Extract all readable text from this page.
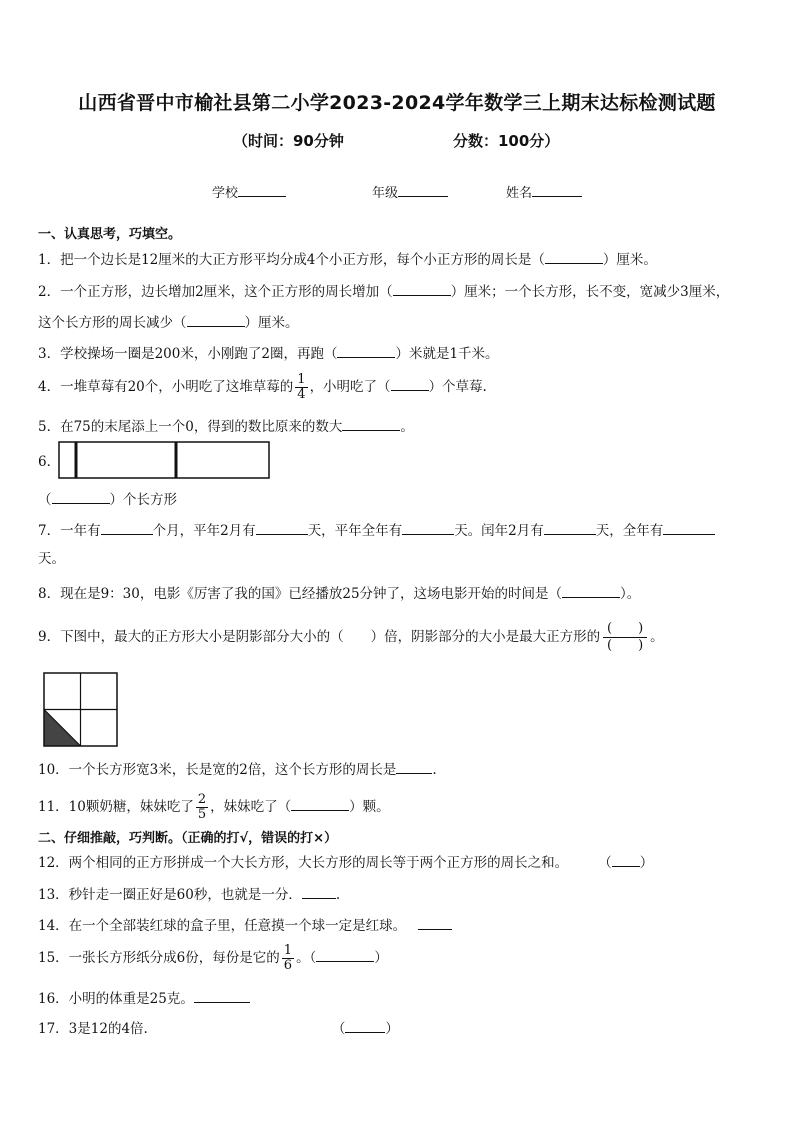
山西省晋中市榆社县第二小学2023-2024学年数学三上期末达标检测试题
（时间：90分钟	分数：100分）
学校	年级	姓名
一、认真思考，巧填空。
1．把一个边长是12厘米的大正方形平均分成4个小正方形，每个小正方形的周长是（	）厘米。
2．一个正方形，边长增加2厘米，这个正方形的周长增加（	）厘米；一个长方形，长不变，宽减少3厘米，
这个长方形的周长减少（	）厘米。
3．学校操场一圈是200米，小刚跑了2圈，再跑（	）米就是1千米。
4．一堆草莓有20个，小明吃了这堆草莓的 $\frac{1}{4}$ ，小明吃了（	）个草莓.
5．在75的末尾添上一个0，得到的数比原来的数大	。
6．
（	）个长方形
7．一年有	个月，平年2月有	天，平年全年有	天。闰年2月有	天，全年有
天。
8．现在是9：30，电影《厉害了我的国》已经播放25分钟了，这场电影开始的时间是（	）。
9．下图中，最大的正方形大小是阴影部分大小的（　　）倍，阴影部分的大小是最大正方形的
(　　)
(　　)
。
10．一个长方形宽3米，长是宽的2倍，这个长方形的周长是	.
11．10颗奶糖，妹妹吃了 $\frac{2}{5}$ ，妹妹吃了（	）颗。
二、仔细推敲，巧判断。（正确的打√，错误的打×）
12．两个相同的正方形拼成一个大长方形，大长方形的周长等于两个正方形的周长之和。 （ ）
13．秒针走一圈正好是60秒，也就是一分．	.
14．在一个全部装红球的盒子里，任意摸一个球一定是红球。
15．一张长方形纸分成6份，每份是它的 $\frac{1}{6}$ 。（	）
16．小明的体重是25克。
17．3是12的4倍.	（	）
